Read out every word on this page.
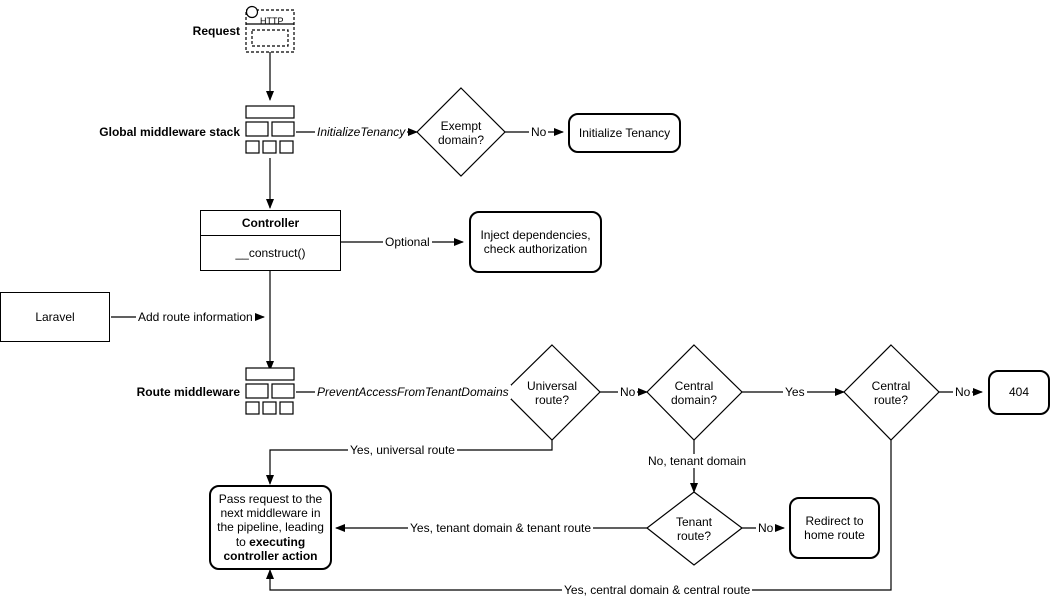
HTTP
Request
Global middleware stack
Route middleware
Exempt domain?
Universal route?
Central domain?
Central route?
Tenant route?
Initialize Tenancy
Inject dependencies,
check authorization
404
Redirect to
home route
Pass request to the
next middleware in
the pipeline, leading
to executing
controller action
Controller
__construct()
Laravel
InitializeTenancy	No
Optional
Add route information
PreventAccessFromTenantDomains	No	Yes	No
Yes, universal route
No, tenant domain
No
Yes, tenant domain & tenant route
Yes, central domain & central route
